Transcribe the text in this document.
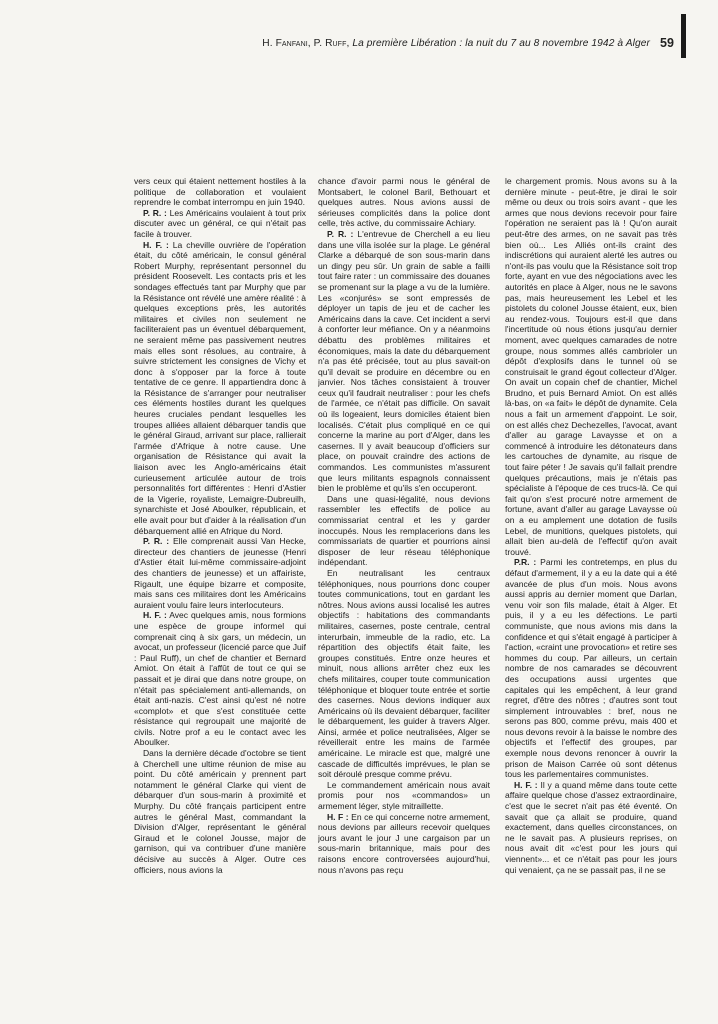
H. Fanfani, P. Ruff, La première Libération : la nuit du 7 au 8 novembre 1942 à Alger 59

vers ceux qui étaient nettement hostiles à la politique de collaboration et voulaient reprendre le combat interrompu en juin 1940.

P. R. : Les Américains voulaient à tout prix discuter avec un général, ce qui n'était pas facile à trouver.

H. F. : La cheville ouvrière de l'opération était, du côté américain, le consul général Robert Murphy, représentant personnel du président Roosevelt. Les contacts pris et les sondages effectués tant par Murphy que par la Résistance ont révélé une amère réalité : à quelques exceptions près, les autorités militaires et civiles non seulement ne faciliteraient pas un éventuel débarquement, ne seraient même pas passivement neutres mais elles sont résolues, au contraire, à suivre strictement les consignes de Vichy et donc à s'opposer par la force à toute tentative de ce genre. Il appartiendra donc à la Résistance de s'arranger pour neutraliser ces éléments hostiles durant les quelques heures cruciales pendant lesquelles les troupes alliées allaient débarquer tandis que le général Giraud, arrivant sur place, rallierait l'armée d'Afrique à notre cause. Une organisation de Résistance qui avait la liaison avec les Anglo-américains était curieusement articulée autour de trois personnalités fort différentes : Henri d'Astier de la Vigerie, royaliste, Lemaigre-Dubreuilh, synarchiste et José Aboulker, républicain, et elle avait pour but d'aider à la réalisation d'un débarquement allié en Afrique du Nord.

P. R. : Elle comprenait aussi Van Hecke, directeur des chantiers de jeunesse (Henri d'Astier était lui-même commissaire-adjoint des chantiers de jeunesse) et un affairiste, Rigault, une équipe bizarre et composite, mais sans ces militaires dont les Américains auraient voulu faire leurs interlocuteurs.

H. F. : Avec quelques amis, nous formions une espèce de groupe informel qui comprenait cinq à six gars, un médecin, un avocat, un professeur (licencié parce que Juif : Paul Ruff), un chef de chantier et Bernard Amiot. On était à l'affût de tout ce qui se passait et je dirai que dans notre groupe, on n'était pas spécialement anti-allemands, on était anti-nazis. C'est ainsi qu'est né notre «complot» et que s'est constituée cette résistance qui regroupait une majorité de civils. Notre prof a eu le contact avec les Aboulker.

Dans la dernière décade d'octobre se tient à Cherchell une ultime réunion de mise au point. Du côté américain y prennent part notamment le général Clarke qui vient de débarquer d'un sous-marin à proximité et Murphy. Du côté français participent entre autres le général Mast, commandant la Division d'Alger, représentant le général Giraud et le colonel Jousse, major de garnison, qui va contribuer d'une manière décisive au succès à Alger. Outre ces officiers, nous avions la

chance d'avoir parmi nous le général de Montsabert, le colonel Baril, Bethouart et quelques autres. Nous avions aussi de sérieuses complicités dans la police dont celle, très active, du commissaire Achiary.

P. R. : L'entrevue de Cherchell a eu lieu dans une villa isolée sur la plage. Le général Clarke a débarqué de son sous-marin dans un dingy peu sûr. Un grain de sable a failli tout faire rater : un commissaire des douanes se promenant sur la plage a vu de la lumière. Les «conjurés» se sont empressés de déployer un tapis de jeu et de cacher les Américains dans la cave. Cet incident a servi à conforter leur méfiance. On y a néanmoins débattu des problèmes militaires et économiques, mais la date du débarquement n'a pas été précisée, tout au plus savait-on qu'il devait se produire en décembre ou en janvier. Nos tâches consistaient à trouver ceux qu'il faudrait neutraliser : pour les chefs de l'armée, ce n'était pas difficile. On savait où ils logeaient, leurs domiciles étaient bien localisés. C'était plus compliqué en ce qui concerne la marine au port d'Alger, dans les casernes. Il y avait beaucoup d'officiers sur place, on pouvait craindre des actions de commandos. Les communistes m'assurent que leurs militants espagnols connaissent bien le problème et qu'ils s'en occuperont.

Dans une quasi-légalité, nous devions rassembler les effectifs de police au commissariat central et les y garder inoccupés. Nous les remplacerions dans les commissariats de quartier et pourrions ainsi disposer de leur réseau téléphonique indépendant.

En neutralisant les centraux téléphoniques, nous pourrions donc couper toutes communications, tout en gardant les nôtres. Nous avions aussi localisé les autres objectifs : habitations des commandants militaires, casernes, poste centrale, central interurbain, immeuble de la radio, etc. La répartition des objectifs était faite, les groupes constitués. Entre onze heures et minuit, nous allions arrêter chez eux les chefs militaires, couper toute communication téléphonique et bloquer toute entrée et sortie des casernes. Nous devions indiquer aux Américains où ils devaient débarquer, faciliter le débarquement, les guider à travers Alger. Ainsi, armée et police neutralisées, Alger se réveillerait entre les mains de l'armée américaine. Le miracle est que, malgré une cascade de difficultés imprévues, le plan se soit déroulé presque comme prévu.

Le commandement américain nous avait promis pour nos «commandos» un armement léger, style mitraillette.

H. F : En ce qui concerne notre armement, nous devions par ailleurs recevoir quelques jours avant le jour J une cargaison par un sous-marin britannique, mais pour des raisons encore controversées aujourd'hui, nous n'avons pas reçu

le chargement promis. Nous avons su à la dernière minute - peut-être, je dirai le soir même ou deux ou trois soirs avant - que les armes que nous devions recevoir pour faire l'opération ne seraient pas là ! Qu'on aurait peut-être des armes, on ne savait pas très bien où... Les Alliés ont-ils craint des indiscrétions qui auraient alerté les autres ou n'ont-ils pas voulu que la Résistance soit trop forte, ayant en vue des négociations avec les autorités en place à Alger, nous ne le savons pas, mais heureusement les Lebel et les pistolets du colonel Jousse étaient, eux, bien au rendez-vous. Toujours est-il que dans l'incertitude où nous étions jusqu'au dernier moment, avec quelques camarades de notre groupe, nous sommes allés cambrioler un dépôt d'explosifs dans le tunnel où se construisait le grand égout collecteur d'Alger. On avait un copain chef de chantier, Michel Brudno, et puis Bernard Amiot. On est allés là-bas, on «a fait» le dépôt de dynamite. Cela nous a fait un armement d'appoint. Le soir, on est allés chez Dechezelles, l'avocat, avant d'aller au garage Lavaysse et on a commencé à introduire les détonateurs dans les cartouches de dynamite, au risque de tout faire péter ! Je savais qu'il fallait prendre quelques précautions, mais je n'étais pas spécialiste à l'époque de ces trucs-là. Ce qui fait qu'on s'est procuré notre armement de fortune, avant d'aller au garage Lavaysse où on a eu amplement une dotation de fusils Lebel, de munitions, quelques pistolets, qui allait bien au-delà de l'effectif qu'on avait trouvé.

P.R. : Parmi les contretemps, en plus du défaut d'armement, il y a eu la date qui a été avancée de plus d'un mois. Nous avons aussi appris au dernier moment que Darlan, venu voir son fils malade, était à Alger. Et puis, il y a eu les défections. Le parti communiste, que nous avions mis dans la confidence et qui s'était engagé à participer à l'action, «craint une provocation» et retire ses hommes du coup. Par ailleurs, un certain nombre de nos camarades se découvrent des occupations aussi urgentes que capitales qui les empêchent, à leur grand regret, d'être des nôtres ; d'autres sont tout simplement introuvables : bref, nous ne serons pas 800, comme prévu, mais 400 et nous devons revoir à la baisse le nombre des objectifs et l'effectif des groupes, par exemple nous devons renoncer à ouvrir la prison de Maison Carrée où sont détenus tous les parlementaires communistes.

H. F. : Il y a quand même dans toute cette affaire quelque chose d'assez extraordinaire, c'est que le secret n'ait pas été éventé. On savait que ça allait se produire, quand exactement, dans quelles circonstances, on ne le savait pas. A plusieurs reprises, on nous avait dit «c'est pour les jours qui viennent»... et ce n'était pas pour les jours qui venaient, ça ne se passait pas, il ne se
